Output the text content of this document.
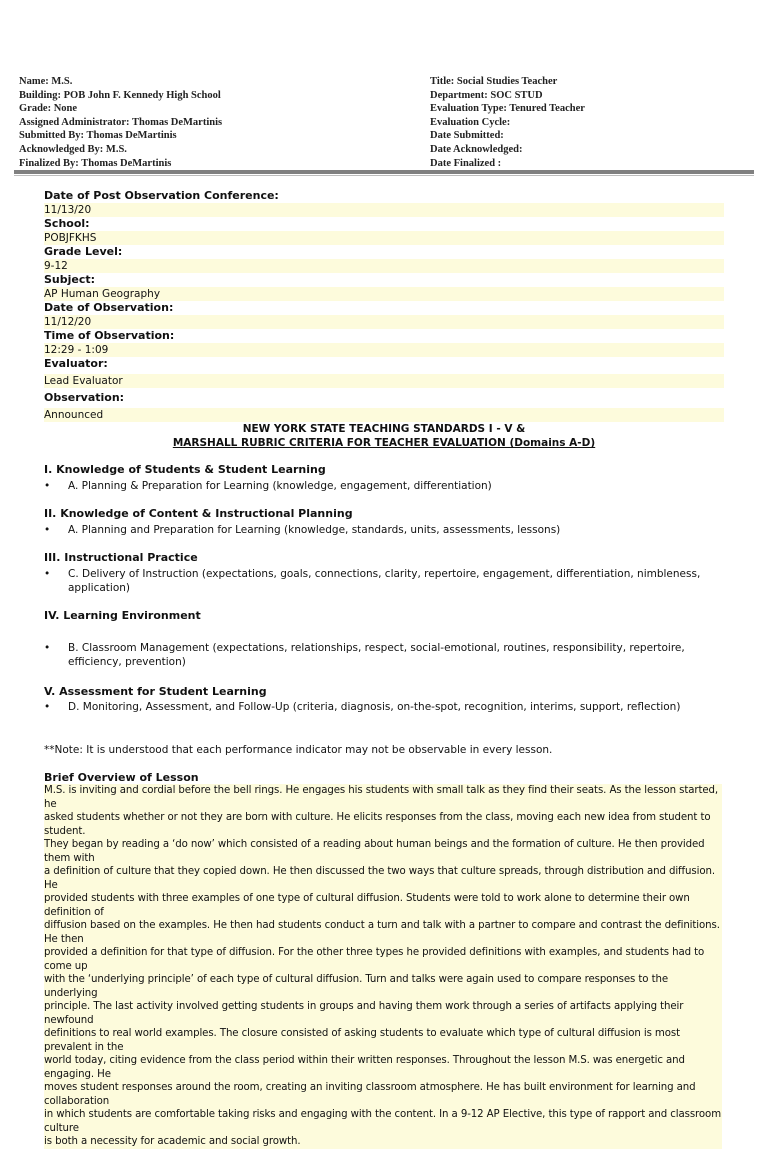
Name: M.S.
Building: POB John F. Kennedy High School
Grade: None
Assigned Administrator: Thomas DeMartinis
Submitted By: Thomas DeMartinis
Acknowledged By: M.S.
Finalized By: Thomas DeMartinis
Title: Social Studies Teacher
Department: SOC STUD
Evaluation Type: Tenured Teacher
Evaluation Cycle:
Date Submitted:
Date Acknowledged:
Date Finalized :
Date of Post Observation Conference:
11/13/20
School:
POBJFKHS
Grade Level:
9-12
Subject:
AP Human Geography
Date of Observation:
11/12/20
Time of Observation:
12:29 - 1:09
Evaluator:
Lead Evaluator
Observation:
Announced
NEW YORK STATE TEACHING STANDARDS I - V &
MARSHALL RUBRIC CRITERIA FOR TEACHER EVALUATION (Domains A-D)
I. Knowledge of Students & Student Learning
• A. Planning & Preparation for Learning (knowledge, engagement, differentiation)
II. Knowledge of Content & Instructional Planning
• A. Planning and Preparation for Learning (knowledge, standards, units, assessments, lessons)
III. Instructional Practice
• C. Delivery of Instruction (expectations, goals, connections, clarity, repertoire, engagement, differentiation, nimbleness, application)
IV. Learning Environment
• B. Classroom Management (expectations, relationships, respect, social-emotional, routines, responsibility, repertoire, efficiency, prevention)
V. Assessment for Student Learning
• D. Monitoring, Assessment, and Follow-Up (criteria, diagnosis, on-the-spot, recognition, interims, support, reflection)
**Note: It is understood that each performance indicator may not be observable in every lesson.
Brief Overview of Lesson
M.S. is inviting and cordial before the bell rings. He engages his students with small talk as they find their seats. As the lesson started, he
asked students whether or not they are born with culture. He elicits responses from the class, moving each new idea from student to student.
They began by reading a ‘do now’ which consisted of a reading about human beings and the formation of culture. He then provided them with
a definition of culture that they copied down. He then discussed the two ways that culture spreads, through distribution and diffusion. He
provided students with three examples of one type of cultural diffusion. Students were told to work alone to determine their own definition of
diffusion based on the examples. He then had students conduct a turn and talk with a partner to compare and contrast the definitions. He then
provided a definition for that type of diffusion. For the other three types he provided definitions with examples, and students had to come up
with the ‘underlying principle’ of each type of cultural diffusion. Turn and talks were again used to compare responses to the underlying
principle. The last activity involved getting students in groups and having them work through a series of artifacts applying their newfound
definitions to real world examples. The closure consisted of asking students to evaluate which type of cultural diffusion is most prevalent in the
world today, citing evidence from the class period within their written responses. Throughout the lesson M.S. was energetic and engaging. He
moves student responses around the room, creating an inviting classroom atmosphere. He has built environment for learning and collaboration
in which students are comfortable taking risks and engaging with the content. In a 9-12 AP Elective, this type of rapport and classroom culture
is both a necessity for academic and social growth.
